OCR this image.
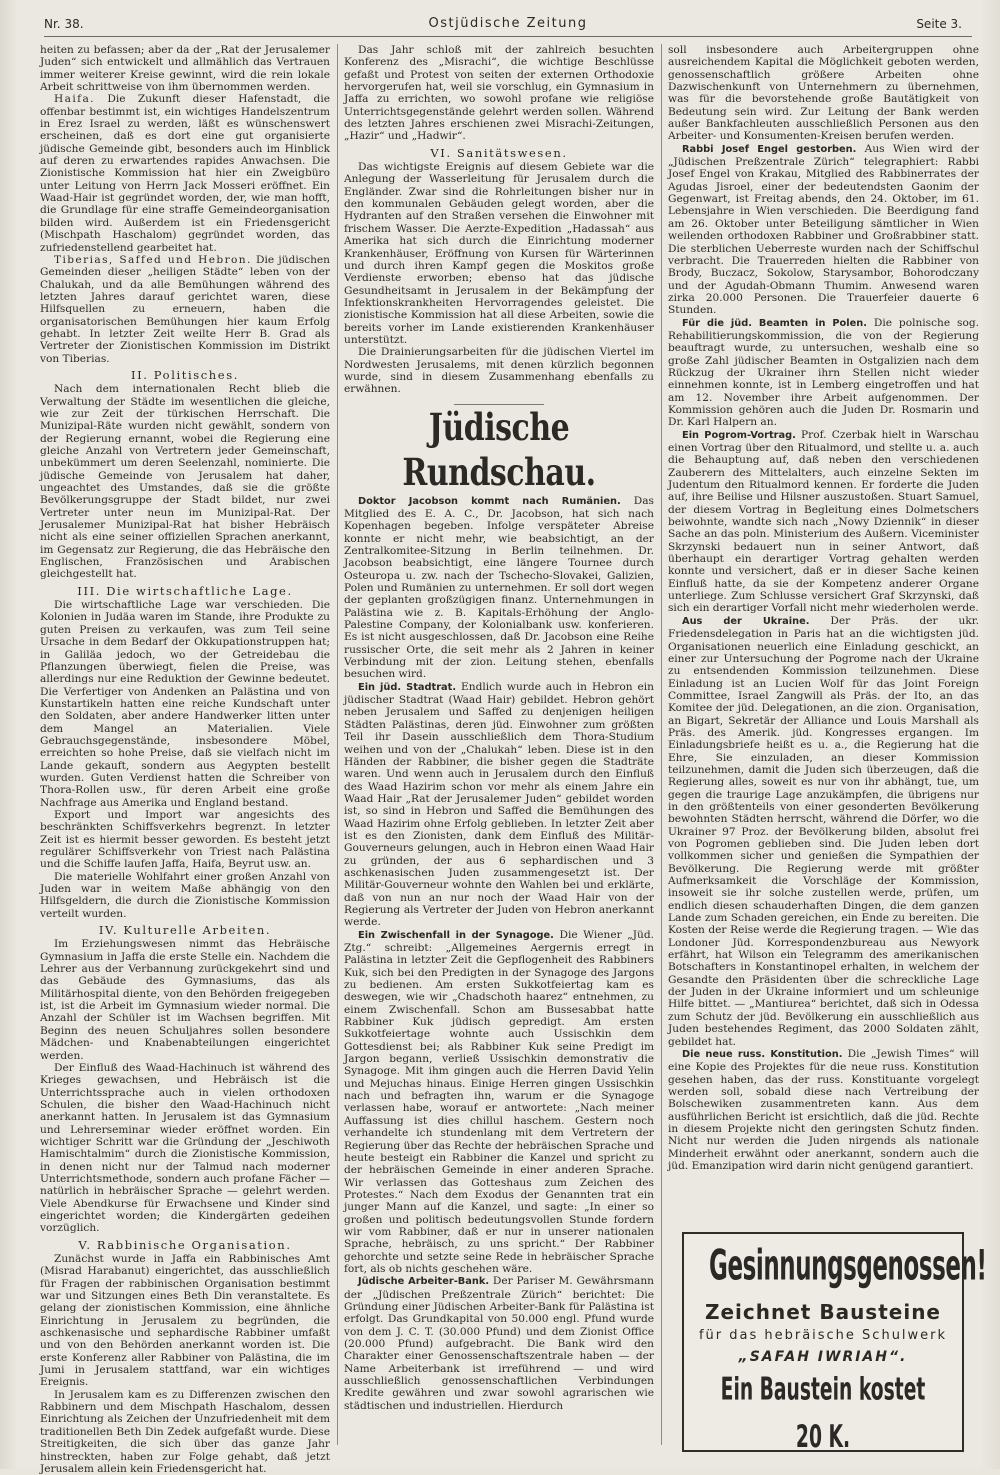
Nr. 38.	Ostjüdische Zeitung	Seite 3.

heiten zu befassen; aber da der „Rat der Jerusalemer Juden“ sich entwickelt und allmählich das Vertrauen immer weiterer Kreise gewinnt, wird die rein lokale Arbeit schrittweise von ihm übernommen werden.

Haifa. Die Zukunft dieser Hafenstadt, die offenbar bestimmt ist, ein wichtiges Handelszentrum in Erez Israel zu werden, läßt es wünschenswert erscheinen, daß es dort eine gut organisierte jüdische Gemeinde gibt, besonders auch im Hinblick auf deren zu erwartendes rapides Anwachsen. Die Zionistische Kommission hat hier ein Zweigbüro unter Leitung von Herrn Jack Mosseri eröffnet. Ein Waad-Hair ist gegründet worden, der, wie man hofft, die Grundlage für eine straffe Gemeindeorganisation bilden wird. Außerdem ist ein Friedensgericht (Mischpath Haschalom) gegründet worden, das zufriedenstellend gearbeitet hat.

Tiberias, Saffed und Hebron. Die jüdischen Gemeinden dieser „heiligen Städte“ leben von der Chalukah, und da alle Bemühungen während des letzten Jahres darauf gerichtet waren, diese Hilfsquellen zu erneuern, haben die organisatorischen Bemühungen hier kaum Erfolg gehabt. In letzter Zeit weilte Herr B. Grad als Vertreter der Zionistischen Kommission im Distrikt von Tiberias.

II. Politisches.

Nach dem internationalen Recht blieb die Verwaltung der Städte im wesentlichen die gleiche, wie zur Zeit der türkischen Herrschaft. Die Munizipal-Räte wurden nicht gewählt, sondern von der Regierung ernannt, wobei die Regierung eine gleiche Anzahl von Vertretern jeder Gemeinschaft, unbekümmert um deren Seelenzahl, nominierte. Die jüdische Gemeinde von Jerusalem hat daher, ungeachtet des Umstandes, daß sie die größte Bevölkerungsgruppe der Stadt bildet, nur zwei Vertreter unter neun im Munizipal-Rat. Der Jerusalemer Munizipal-Rat hat bisher Hebräisch nicht als eine seiner offiziellen Sprachen anerkannt, im Gegensatz zur Regierung, die das Hebräische den Englischen, Französischen und Arabischen gleichgestellt hat.

III. Die wirtschaftliche Lage.

Die wirtschaftliche Lage war verschieden. Die Kolonien in Judäa waren im Stande, ihre Produkte zu guten Preisen zu verkaufen, was zum Teil seine Ursache in dem Bedarf der Okkupationstruppen hat; in Galiläa jedoch, wo der Getreidebau die Pflanzungen überwiegt, fielen die Preise, was allerdings nur eine Reduktion der Gewinne bedeutet. Die Verfertiger von Andenken an Palästina und von Kunstartikeln hatten eine reiche Kundschaft unter den Soldaten, aber andere Handwerker litten unter dem Mangel an Materialien. Viele Gebrauchsgegenstände, insbesondere Möbel, erreichten so hohe Preise, daß sie vielfach nicht im Lande gekauft, sondern aus Aegypten bestellt wurden. Guten Verdienst hatten die Schreiber von Thora-Rollen usw., für deren Arbeit eine große Nachfrage aus Amerika und England bestand.

Export und Import war angesichts des beschränkten Schiffsverkehrs begrenzt. In letzter Zeit ist es hiermit besser geworden. Es besteht jetzt regulärer Schiffsverkehr von Triest nach Palästina und die Schiffe laufen Jaffa, Haifa, Beyrut usw. an.

Die materielle Wohlfahrt einer großen Anzahl von Juden war in weitem Maße abhängig von den Hilfsgeldern, die durch die Zionistische Kommission verteilt wurden.

IV. Kulturelle Arbeiten.

Im Erziehungswesen nimmt das Hebräische Gymnasium in Jaffa die erste Stelle ein. Nachdem die Lehrer aus der Verbannung zurückgekehrt sind und das Gebäude des Gymnasiums, das als Militärhospital diente, von den Behörden freigegeben ist, ist die Arbeit im Gymnasium wieder normal. Die Anzahl der Schüler ist im Wachsen begriffen. Mit Beginn des neuen Schuljahres sollen besondere Mädchen- und Knabenabteilungen eingerichtet werden.

Der Einfluß des Waad-Hachinuch ist während des Krieges gewachsen, und Hebräisch ist die Unterrichtssprache auch in vielen orthodoxen Schulen, die bisher den Waad-Hachinuch nicht anerkannt hatten. In Jerusalem ist das Gymnasium und Lehrerseminar wieder eröffnet worden. Ein wichtiger Schritt war die Gründung der „Jeschiwoth Hamischtalmim“ durch die Zionistische Kommission, in denen nicht nur der Talmud nach moderner Unterrichtsmethode, sondern auch profane Fächer — natürlich in hebräischer Sprache — gelehrt werden. Viele Abendkurse für Erwachsene und Kinder sind eingerichtet worden; die Kindergärten gedeihen vorzüglich.

V. Rabbinische Organisation.

Zunächst wurde in Jaffa ein Rabbinisches Amt (Misrad Harabanut) eingerichtet, das ausschließlich für Fragen der rabbinischen Organisation bestimmt war und Sitzungen eines Beth Din veranstaltete. Es gelang der zionistischen Kommission, eine ähnliche Einrichtung in Jerusalem zu begründen, die aschkenasische und sephardische Rabbiner umfaßt und von den Behörden anerkannt worden ist. Die erste Konferenz aller Rabbiner von Palästina, die im Jumi in Jerusalem stattfand, war ein wichtiges Ereignis.

In Jerusalem kam es zu Differenzen zwischen den Rabbinern und dem Mischpath Haschalom, dessen Einrichtung als Zeichen der Unzufriedenheit mit dem traditionellen Beth Din Zedek aufgefaßt wurde. Diese Streitigkeiten, die sich über das ganze Jahr hinstreckten, haben zur Folge gehabt, daß jetzt Jerusalem allein kein Friedensgericht hat.

Das Jahr schloß mit der zahlreich besuchten Konferenz des „Misrachi“, die wichtige Beschlüsse gefaßt und Protest von seiten der externen Orthodoxie hervorgerufen hat, weil sie vorschlug, ein Gymnasium in Jaffa zu errichten, wo sowohl profane wie religiöse Unterrichtsgegenstände gelehrt werden sollen. Während des letzten Jahres erschienen zwei Misrachi-Zeitungen, „Hazir“ und „Hadwir“.

VI. Sanitätswesen.

Das wichtigste Ereignis auf diesem Gebiete war die Anlegung der Wasserleitung für Jerusalem durch die Engländer. Zwar sind die Rohrleitungen bisher nur in den kommunalen Gebäuden gelegt worden, aber die Hydranten auf den Straßen versehen die Einwohner mit frischem Wasser. Die Aerzte-Expedition „Hadassah“ aus Amerika hat sich durch die Einrichtung moderner Krankenhäuser, Eröffnung von Kursen für Wärterinnen und durch ihren Kampf gegen die Moskitos große Verdienste erworben; ebenso hat das jüdische Gesundheitsamt in Jerusalem in der Bekämpfung der Infektionskrankheiten Hervorragendes geleistet. Die zionistische Kommission hat all diese Arbeiten, sowie die bereits vorher im Lande existierenden Krankenhäuser unterstützt.

Die Drainierungsarbeiten für die jüdischen Viertel im Nordwesten Jerusalems, mit denen kürzlich begonnen wurde, sind in diesem Zusammenhang ebenfalls zu erwähnen.

Jüdische Rundschau.

Doktor Jacobson kommt nach Rumänien. Das Mitglied des E. A. C., Dr. Jacobson, hat sich nach Kopenhagen begeben. Infolge verspäteter Abreise konnte er nicht mehr, wie beabsichtigt, an der Zentralkomitee-Sitzung in Berlin teilnehmen. Dr. Jacobson beabsichtigt, eine längere Tournee durch Osteuropa u. zw. nach der Tschecho-Slovakei, Galizien, Polen und Rumänien zu unternehmen. Er soll dort wegen der geplanten großzügigen finanz. Unternehmungen in Palästina wie z. B. Kapitals-Erhöhung der Anglo-Palestine Company, der Kolonialbank usw. konferieren. Es ist nicht ausgeschlossen, daß Dr. Jacobson eine Reihe russischer Orte, die seit mehr als 2 Jahren in keiner Verbindung mit der zion. Leitung stehen, ebenfalls besuchen wird.

Ein jüd. Stadtrat. Endlich wurde auch in Hebron ein jüdischer Stadtrat (Waad Hair) gebildet. Hebron gehört neben Jerusalem und Saffed zu denjenigen heiligen Städten Palästinas, deren jüd. Einwohner zum größten Teil ihr Dasein ausschließlich dem Thora-Studium weihen und von der „Chalukah“ leben. Diese ist in den Händen der Rabbiner, die bisher gegen die Stadträte waren. Und wenn auch in Jerusalem durch den Einfluß des Waad Hazirim schon vor mehr als einem Jahre ein Waad Hair „Rat der Jerusalemer Juden“ gebildet worden ist, so sind in Hebron und Saffed die Bemühungen des Waad Hazirim ohne Erfolg geblieben. In letzter Zeit aber ist es den Zionisten, dank dem Einfluß des Militär-Gouverneurs gelungen, auch in Hebron einen Waad Hair zu gründen, der aus 6 sephardischen und 3 aschkenasischen Juden zusammengesetzt ist. Der Militär-Gouverneur wohnte den Wahlen bei und erklärte, daß von nun an nur noch der Waad Hair von der Regierung als Vertreter der Juden von Hebron anerkannt werde.

Ein Zwischenfall in der Synagoge. Die Wiener „Jüd. Ztg.“ schreibt: „Allgemeines Aergernis erregt in Palästina in letzter Zeit die Gepflogenheit des Rabbiners Kuk, sich bei den Predigten in der Synagoge des Jargons zu bedienen. Am ersten Sukkotfeiertag kam es deswegen, wie wir „Chadschoth haarez“ entnehmen, zu einem Zwischenfall. Schon am Bussesabbat hatte Rabbiner Kuk jüdisch gepredigt. Am ersten Sukkotfeiertage wohnte auch Ussischkin dem Gottesdienst bei; als Rabbiner Kuk seine Predigt im Jargon begann, verließ Ussischkin demonstrativ die Synagoge. Mit ihm gingen auch die Herren David Yelin und Mejuchas hinaus. Einige Herren gingen Ussischkin nach und befragten ihn, warum er die Synagoge verlassen habe, worauf er antwortete: „Nach meiner Auffassung ist dies chillul haschem. Gestern noch verhandelte ich stundenlang mit dem Vertretern der Regierung über das Rechte der hebräischen Sprache und heute besteigt ein Rabbiner die Kanzel und spricht zu der hebräischen Gemeinde in einer anderen Sprache. Wir verlassen das Gotteshaus zum Zeichen des Protestes.“ Nach dem Exodus der Genannten trat ein junger Mann auf die Kanzel, und sagte: „In einer so großen und politisch bedeutungsvollen Stunde fordern wir vom Rabbiner, daß er nur in unserer nationalen Sprache, hebräisch, zu uns spricht.“ Der Rabbiner gehorchte und setzte seine Rede in hebräischer Sprache fort, als ob nichts geschehen wäre.

Jüdische Arbeiter-Bank. Der Pariser M. Gewährsmann der „Jüdischen Preßzentrale Zürich“ berichtet: Die Gründung einer Jüdischen Arbeiter-Bank für Palästina ist erfolgt. Das Grundkapital von 50.000 engl. Pfund wurde von dem J. C. T. (30.000 Pfund) und dem Zionist Office (20.000 Pfund) aufgebracht. Die Bank wird den Charakter einer Genossenschaftszentrale haben — der Name Arbeiterbank ist irreführend — und wird ausschließlich genossenschaftlichen Verbindungen Kredite gewähren und zwar sowohl agrarischen wie städtischen und industriellen. Hierdurch

soll insbesondere auch Arbeitergruppen ohne ausreichendem Kapital die Möglichkeit geboten werden, genossenschaftlich größere Arbeiten ohne Dazwischenkunft von Unternehmern zu übernehmen, was für die bevorstehende große Bautätigkeit von Bedeutung sein wird. Zur Leitung der Bank werden außer Bankfachleuten ausschließlich Personen aus den Arbeiter- und Konsumenten-Kreisen berufen werden.

Rabbi Josef Engel gestorben. Aus Wien wird der „Jüdischen Preßzentrale Zürich“ telegraphiert: Rabbi Josef Engel von Krakau, Mitglied des Rabbinerrates der Agudas Jisroel, einer der bedeutendsten Gaonim der Gegenwart, ist Freitag abends, den 24. Oktober, im 61. Lebensjahre in Wien verschieden. Die Beerdigung fand am 26. Oktober unter Beteiligung sämtlicher in Wien weilenden orthodoxen Rabbiner und Großrabbiner statt. Die sterblichen Ueberreste wurden nach der Schiffschul verbracht. Die Trauerreden hielten die Rabbiner von Brody, Buczacz, Sokolow, Starysambor, Bohorodczany und der Agudah-Obmann Thumim. Anwesend waren zirka 20.000 Personen. Die Trauerfeier dauerte 6 Stunden.

Für die jüd. Beamten in Polen. Die polnische sog. Rehabilitierungskommission, die von der Regierung beauftragt wurde, zu untersuchen, weshalb eine so große Zahl jüdischer Beamten in Ostgalizien nach dem Rückzug der Ukrainer ihrn Stellen nicht wieder einnehmen konnte, ist in Lemberg eingetroffen und hat am 12. November ihre Arbeit aufgenommen. Der Kommission gehören auch die Juden Dr. Rosmarin und Dr. Karl Halpern an.

Ein Pogrom-Vortrag. Prof. Czerbak hielt in Warschau einen Vortrag über den Ritualmord, und stellte u. a. auch die Behauptung auf, daß neben den verschiedenen Zauberern des Mittelalters, auch einzelne Sekten im Judentum den Ritualmord kennen. Er forderte die Juden auf, ihre Beilise und Hilsner auszustoßen. Stuart Samuel, der diesem Vortrag in Begleitung eines Dolmetschers beiwohnte, wandte sich nach „Nowy Dziennik“ in dieser Sache an das poln. Ministerium des Außern. Viceminister Skrzynski bedauert nun in seiner Antwort, daß überhaupt ein derartiger Vortrag gehalten werden konnte und versichert, daß er in dieser Sache keinen Einfluß hatte, da sie der Kompetenz anderer Organe unterliege. Zum Schlusse versichert Graf Skrzynski, daß sich ein derartiger Vorfall nicht mehr wiederholen werde.

Aus der Ukraine. Der Präs. der ukr. Friedensdelegation in Paris hat an die wichtigsten jüd. Organisationen neuerlich eine Einladung geschickt, an einer zur Untersuchung der Pogrome nach der Ukraine zu entsendenden Kommission teilzunehmen. Diese Einladung ist an Lucien Wolf für das Joint Foreign Committee, Israel Zangwill als Präs. der Ito, an das Komitee der jüd. Delegationen, an die zion. Organisation, an Bigart, Sekretär der Alliance und Louis Marshall als Präs. des Amerik. jüd. Kongresses ergangen. Im Einladungsbriefe heißt es u. a., die Regierung hat die Ehre, Sie einzuladen, an dieser Kommission teilzunehmen, damit die Juden sich überzeugen, daß die Regierung alles, soweit es nur von ihr abhängt, tue, um gegen die traurige Lage anzukämpfen, die übrigens nur in den größtenteils von einer gesonderten Bevölkerung bewohnten Städten herrscht, während die Dörfer, wo die Ukrainer 97 Proz. der Bevölkerung bilden, absolut frei von Pogromen geblieben sind. Die Juden leben dort vollkommen sicher und genießen die Sympathien der Bevölkerung. Die Regierung werde mit größter Aufmerksamkeit die Vorschläge der Kommission, insoweit sie ihr solche zustellen werde, prüfen, um endlich diesen schauderhaften Dingen, die dem ganzen Lande zum Schaden gereichen, ein Ende zu bereiten. Die Kosten der Reise werde die Regierung tragen. — Wie das Londoner Jüd. Korrespondenzbureau aus Newyork erfährt, hat Wilson ein Telegramm des amerikanischen Botschafters in Konstantinopel erhalten, in welchem der Gesandte den Präsidenten über die schreckliche Lage der Juden in der Ukraine informiert und um schleunige Hilfe bittet. — „Mantiurea“ berichtet, daß sich in Odessa zum Schutz der jüd. Bevölkerung ein ausschließlich aus Juden bestehendes Regiment, das 2000 Soldaten zählt, gebildet hat.

Die neue russ. Konstitution. Die „Jewish Times“ will eine Kopie des Projektes für die neue russ. Konstitution gesehen haben, das der russ. Konstituante vorgelegt werden soll, sobald diese nach Vertreibung der Bolschewiken zusammentreten kann. Aus dem ausführlichen Bericht ist ersichtlich, daß die jüd. Rechte in diesem Projekte nicht den geringsten Schutz finden. Nicht nur werden die Juden nirgends als nationale Minderheit erwähnt oder anerkannt, sondern auch die jüd. Emanzipation wird darin nicht genügend garantiert.

Gesinnungsgenossen!
Zeichnet Bausteine
für das hebräische Schulwerk
„SAFAH IWRIAH“.
Ein Baustein kostet 20 K.
